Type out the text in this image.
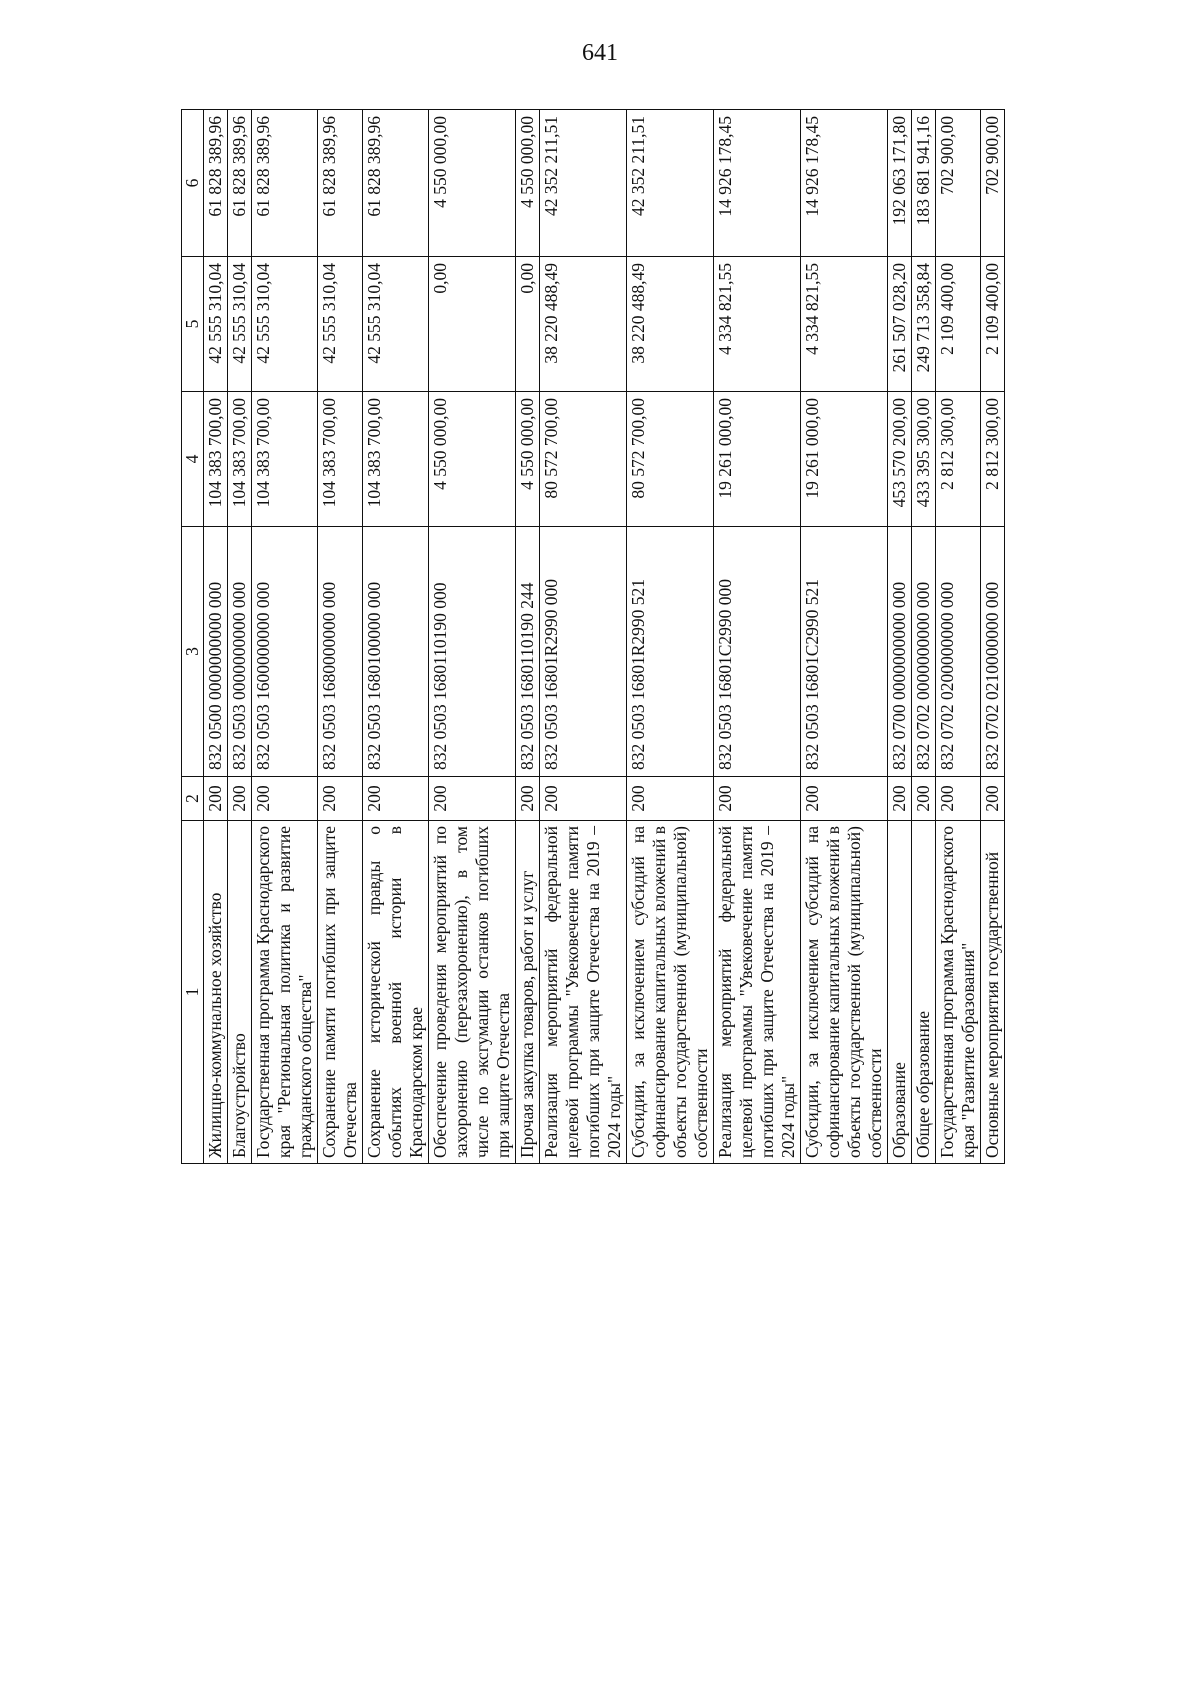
641
1	2	3	4	5	6
Жилищно-коммунальное хозяйство	200	832 0500 0000000000 000	104 383 700,00	42 555 310,04	61 828 389,96
Благоустройство	200	832 0503 0000000000 000	104 383 700,00	42 555 310,04	61 828 389,96
Государственная программа Краснодарского края "Региональная политика и развитие гражданского общества"	200	832 0503 1600000000 000	104 383 700,00	42 555 310,04	61 828 389,96
Сохранение памяти погибших при защите Отечества	200	832 0503 1680000000 000	104 383 700,00	42 555 310,04	61 828 389,96
Сохранение исторической правды о событиях военной истории в Краснодарском крае	200	832 0503 1680100000 000	104 383 700,00	42 555 310,04	61 828 389,96
Обеспечение проведения мероприятий по захоронению (перезахоронению), в том числе по эксгумации останков погибших при защите Отечества	200	832 0503 1680110190 000	4 550 000,00	0,00	4 550 000,00
Прочая закупка товаров, работ и услуг	200	832 0503 1680110190 244	4 550 000,00	0,00	4 550 000,00
Реализация мероприятий федеральной целевой программы "Увековечение памяти погибших при защите Отечества на 2019 – 2024 годы"	200	832 0503 16801R2990 000	80 572 700,00	38 220 488,49	42 352 211,51
Субсидии, за исключением субсидий на софинансирование капитальных вложений в объекты государственной (муниципальной) собственности	200	832 0503 16801R2990 521	80 572 700,00	38 220 488,49	42 352 211,51
Реализация мероприятий федеральной целевой программы "Увековечение памяти погибших при защите Отечества на 2019 – 2024 годы"	200	832 0503 16801C2990 000	19 261 000,00	4 334 821,55	14 926 178,45
Субсидии, за исключением субсидий на софинансирование капитальных вложений в объекты государственной (муниципальной) собственности	200	832 0503 16801C2990 521	19 261 000,00	4 334 821,55	14 926 178,45
Образование	200	832 0700 0000000000 000	453 570 200,00	261 507 028,20	192 063 171,80
Общее образование	200	832 0702 0000000000 000	433 395 300,00	249 713 358,84	183 681 941,16
Государственная программа Краснодарского края "Развитие образования"	200	832 0702 0200000000 000	2 812 300,00	2 109 400,00	702 900,00
Основные мероприятия государственной	200	832 0702 0210000000 000	2 812 300,00	2 109 400,00	702 900,00
